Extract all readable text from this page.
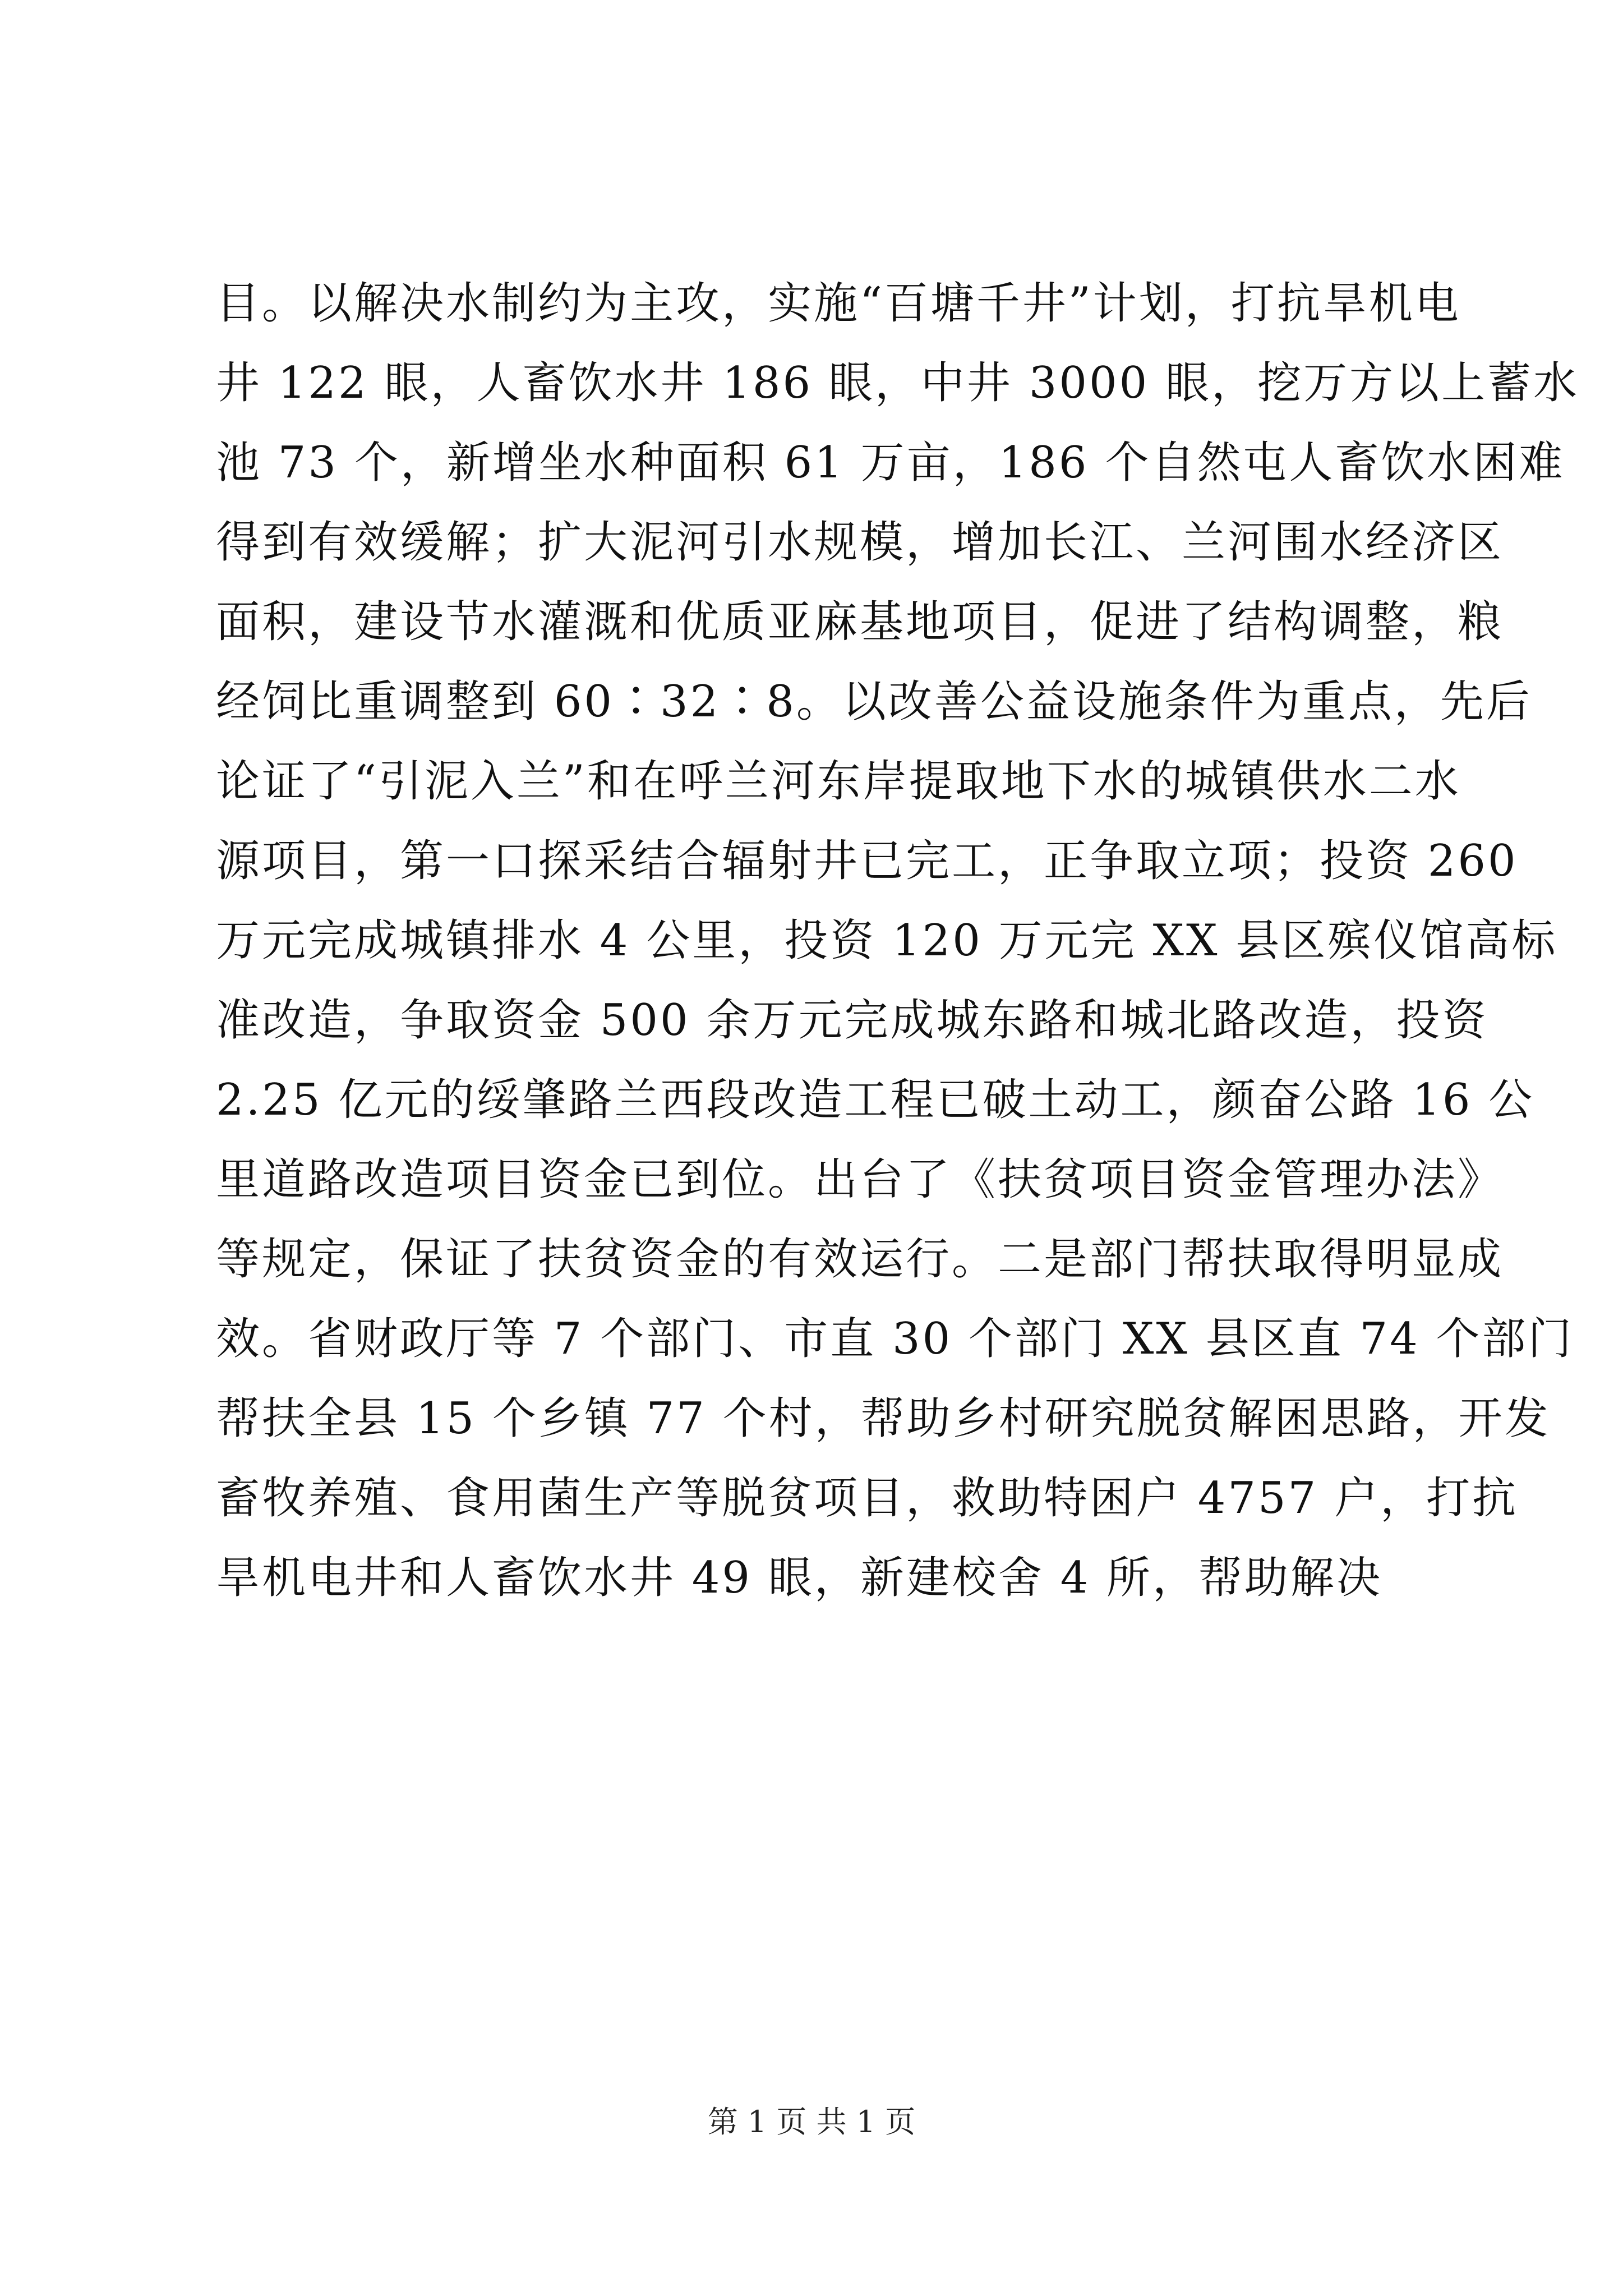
目。以解决水制约为主攻，实施“百塘千井”计划，打抗旱机电
井 122 眼，人畜饮水井 186 眼，中井 3000 眼，挖万方以上蓄水
池 73 个，新增坐水种面积 61 万亩，186 个自然屯人畜饮水困难
得到有效缓解；扩大泥河引水规模，增加长江、兰河围水经济区
面积，建设节水灌溉和优质亚麻基地项目，促进了结构调整，粮
经饲比重调整到 60∶32∶8。以改善公益设施条件为重点，先后
论证了“引泥入兰”和在呼兰河东岸提取地下水的城镇供水二水
源项目，第一口探采结合辐射井已完工，正争取立项；投资 260
万元完成城镇排水 4 公里，投资 120 万元完 XX 县区殡仪馆高标
准改造，争取资金 500 余万元完成城东路和城北路改造，投资
2.25 亿元的绥肇路兰西段改造工程已破土动工，颜奋公路 16 公
里道路改造项目资金已到位。出台了《扶贫项目资金管理办法》
等规定，保证了扶贫资金的有效运行。二是部门帮扶取得明显成
效。省财政厅等 7 个部门、市直 30 个部门 XX 县区直 74 个部门
帮扶全县 15 个乡镇 77 个村，帮助乡村研究脱贫解困思路，开发
畜牧养殖、食用菌生产等脱贫项目，救助特困户 4757 户，打抗
旱机电井和人畜饮水井 49 眼，新建校舍 4 所，帮助解决
第 1 页 共 1 页
